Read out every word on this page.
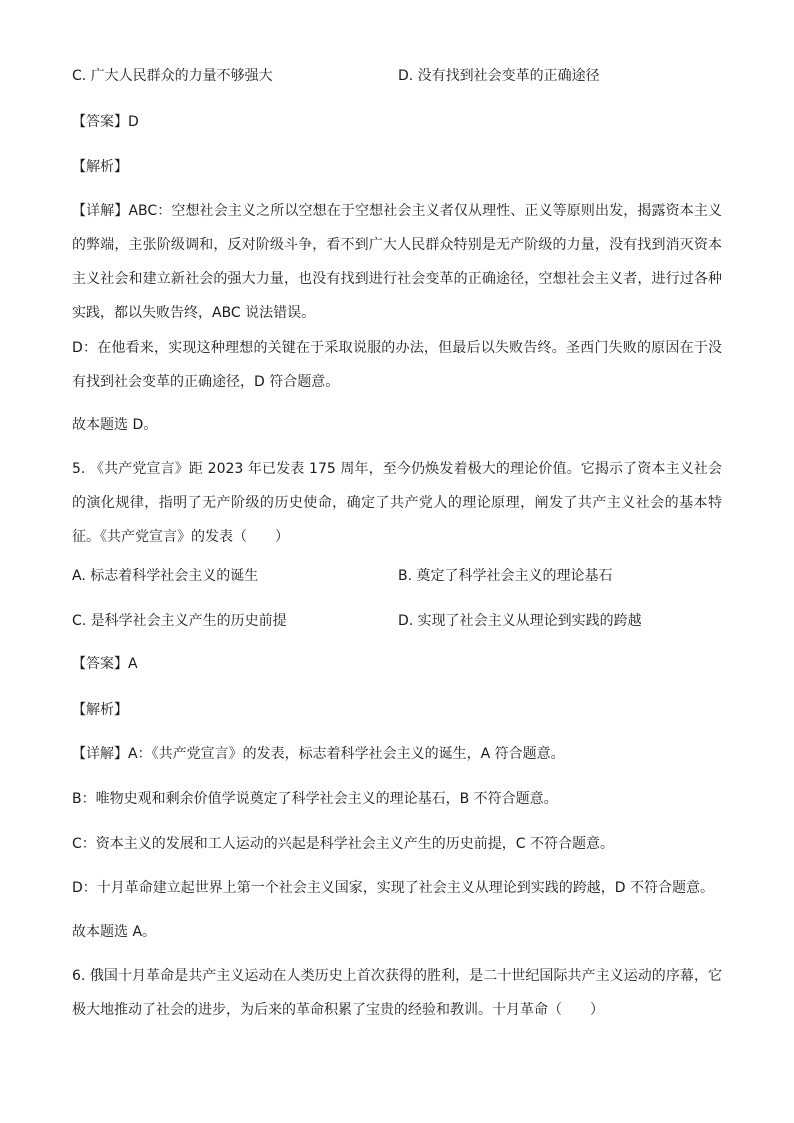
C. 广大人民群众的力量不够强大	D. 没有找到社会变革的正确途径
【答案】D
【解析】
【详解】ABC：空想社会主义之所以空想在于空想社会主义者仅从理性、正义等原则出发，揭露资本主义的弊端，主张阶级调和，反对阶级斗争，看不到广大人民群众特别是无产阶级的力量，没有找到消灭资本主义社会和建立新社会的强大力量，也没有找到进行社会变革的正确途径，空想社会主义者，进行过各种实践，都以失败告终，ABC 说法错误。
D：在他看来，实现这种理想的关键在于采取说服的办法，但最后以失败告终。圣西门失败的原因在于没有找到社会变革的正确途径，D 符合题意。
故本题选 D。
5. 《共产党宣言》距 2023 年已发表 175 周年，至今仍焕发着极大的理论价值。它揭示了资本主义社会的演化规律，指明了无产阶级的历史使命，确定了共产党人的理论原理，阐发了共产主义社会的基本特征。《共产党宣言》的发表（　　）
A. 标志着科学社会主义的诞生	B. 奠定了科学社会主义的理论基石
C. 是科学社会主义产生的历史前提	D. 实现了社会主义从理论到实践的跨越
【答案】A
【解析】
【详解】A：《共产党宣言》的发表，标志着科学社会主义的诞生，A 符合题意。
B：唯物史观和剩余价值学说奠定了科学社会主义的理论基石，B 不符合题意。
C：资本主义的发展和工人运动的兴起是科学社会主义产生的历史前提，C 不符合题意。
D：十月革命建立起世界上第一个社会主义国家，实现了社会主义从理论到实践的跨越，D 不符合题意。
故本题选 A。
6. 俄国十月革命是共产主义运动在人类历史上首次获得的胜利，是二十世纪国际共产主义运动的序幕，它极大地推动了社会的进步，为后来的革命积累了宝贵的经验和教训。十月革命（　　）
